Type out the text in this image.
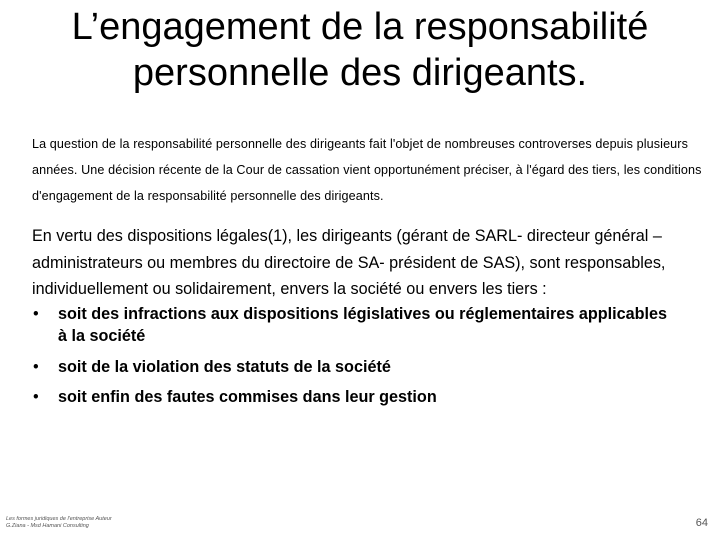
L’engagement de la responsabilité
personnelle des dirigeants.

La question de la responsabilité personnelle des dirigeants fait l'objet de nombreuses controverses depuis plusieurs années. Une décision récente de la Cour de cassation vient opportunément préciser, à l'égard des tiers, les conditions d'engagement de la responsabilité personnelle des dirigeants.

En vertu des dispositions légales(1), les dirigeants (gérant de SARL- directeur général – administrateurs ou membres du directoire de SA- président de SAS), sont responsables, individuellement ou solidairement, envers la société ou envers les tiers :

• soit des infractions aux dispositions législatives ou réglementaires applicables à la société
• soit de la violation des statuts de la société
• soit enfin des fautes commises dans leur gestion
Les formes juridiques de l'entreprise Auteur
G.Ziana - Msd Hamani Consulting	64
